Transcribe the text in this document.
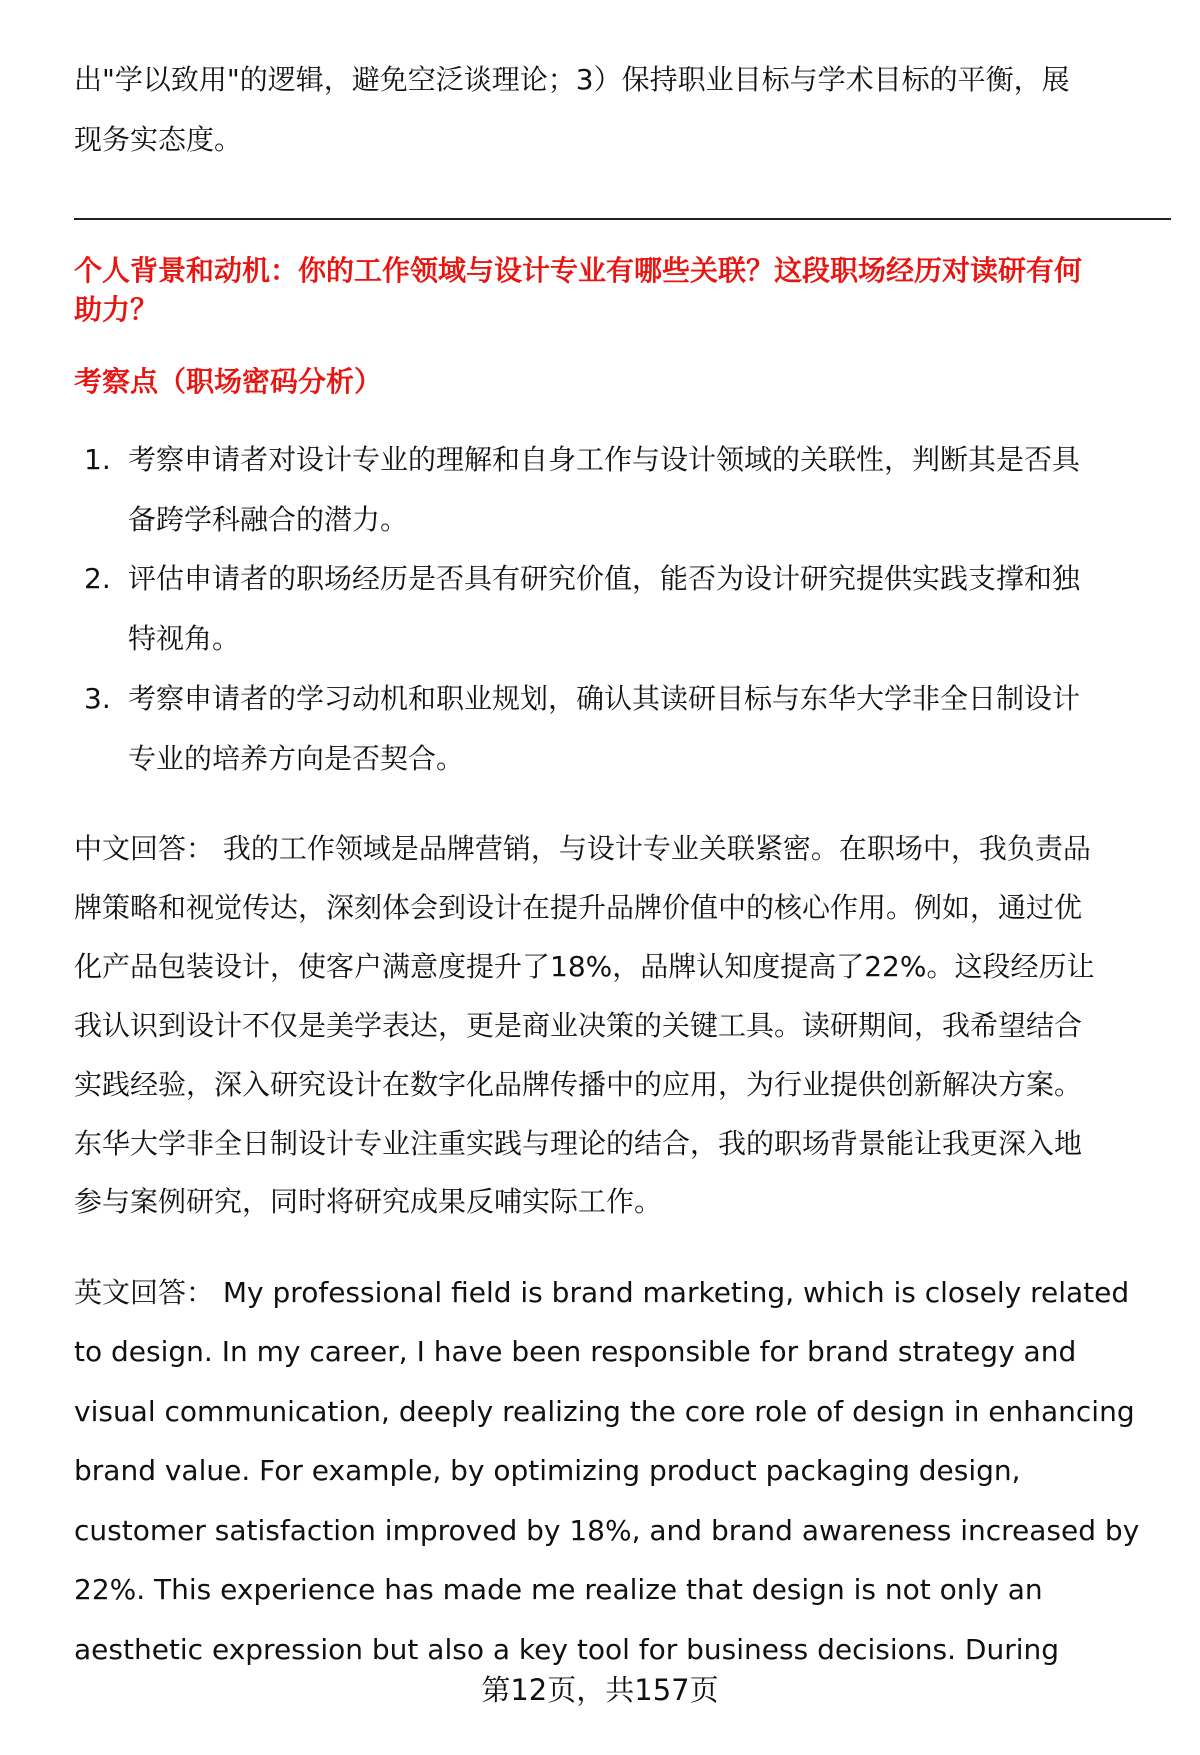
出"学以致用"的逻辑，避免空泛谈理论；3）保持职业目标与学术目标的平衡，展
现务实态度。
个人背景和动机：你的工作领域与设计专业有哪些关联？这段职场经历对读研有何
助力？
考察点（职场密码分析）
1. 考察申请者对设计专业的理解和自身工作与设计领域的关联性，判断其是否具
备跨学科融合的潜力。
2. 评估申请者的职场经历是否具有研究价值，能否为设计研究提供实践支撑和独
特视角。
3. 考察申请者的学习动机和职业规划，确认其读研目标与东华大学非全日制设计
专业的培养方向是否契合。
中文回答： 我的工作领域是品牌营销，与设计专业关联紧密。在职场中，我负责品
牌策略和视觉传达，深刻体会到设计在提升品牌价值中的核心作用。例如，通过优
化产品包装设计，使客户满意度提升了18%，品牌认知度提高了22%。这段经历让
我认识到设计不仅是美学表达，更是商业决策的关键工具。读研期间，我希望结合
实践经验，深入研究设计在数字化品牌传播中的应用，为行业提供创新解决方案。
东华大学非全日制设计专业注重实践与理论的结合，我的职场背景能让我更深入地
参与案例研究，同时将研究成果反哺实际工作。
英文回答： My professional field is brand marketing, which is closely related
to design. In my career, I have been responsible for brand strategy and
visual communication, deeply realizing the core role of design in enhancing
brand value. For example, by optimizing product packaging design,
customer satisfaction improved by 18%, and brand awareness increased by
22%. This experience has made me realize that design is not only an
aesthetic expression but also a key tool for business decisions. During
第12页，共157页
